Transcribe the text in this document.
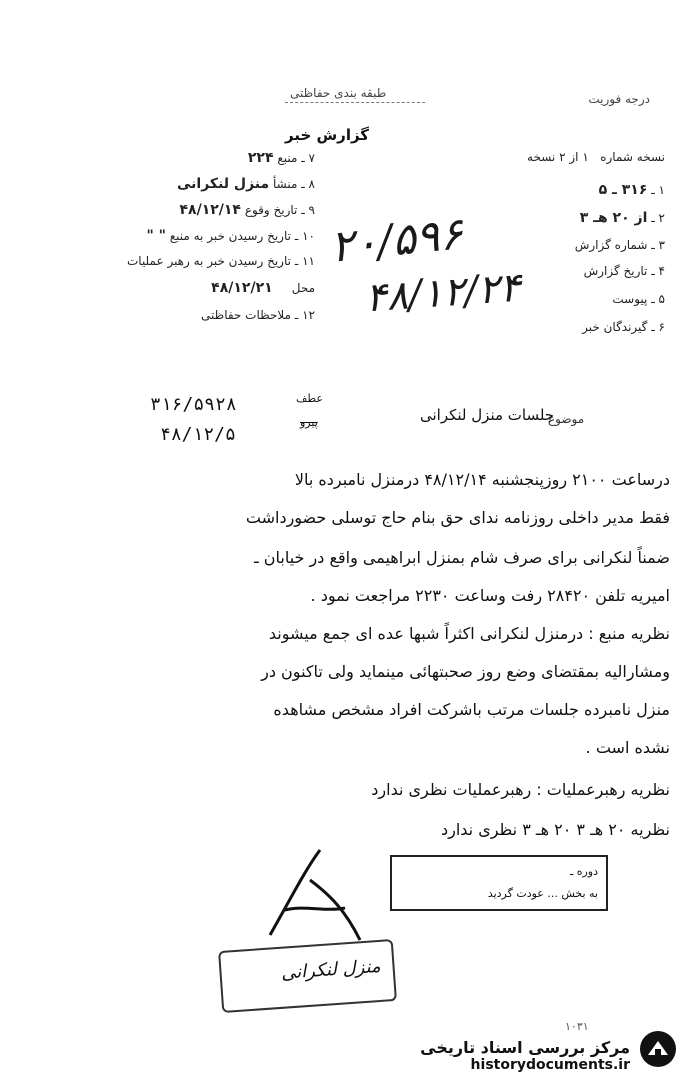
طبقه بندی حفاظتی	درجه فوریت
گزارش خبر
نسخه شماره   ۱ از ۲ نسخه
۱ ـ ۳۱۶ ـ ۵
۲ ـ از ۲۰ هـ ۳
۳ ـ شماره گزارش
۴ ـ تاریخ گزارش
۵ ـ پیوست
۶ ـ گیرندگان خبر
۷ ـ منبع ۲۲۴
۸ ـ منشأ منزل لنکرانی
۹ ـ تاریخ وقوع ۴۸/۱۲/۱۴
۱۰ ـ تاریخ رسیدن خبر به منبع " "
۱۱ ـ تاریخ رسیدن خبر به رهبر عملیات
محل     ۴۸/۱۲/۲۱
۱۲ ـ ملاحظات حفاظتی
۲۰/۵۹۶
۴۸/۱۲/۲۴
موضوع
جلسات منزل لنکرانی
عطف
۳۱۶/۵۹۲۸
پیرو
۴۸/۱۲/۵
درساعت ۲۱۰۰ روزپنجشنبه ۴۸/۱۲/۱۴ درمنزل نامبرده بالا
فقط مدیر داخلی روزنامه ندای حق بنام حاج توسلی حضورداشت
ضمناً لنکرانی برای صرف شام بمنزل ابراهیمی واقع در خیابان ـ
امیریه تلفن ۲۸۴۲۰ رفت وساعت ۲۲۳۰ مراجعت نمود .
نظریه منبع : درمنزل لنکرانی اکثراً شبها عده ای جمع میشوند
ومشارالیه بمقتضای وضع روز صحبتهائی مینماید ولی تاکنون در
منزل نامبرده جلسات مرتب باشرکت افراد مشخص مشاهده
نشده است .
نظریه رهبرعملیات : رهبرعملیات نظری ندارد
نظریه ۲۰ هـ ۳ ۲۰ هـ ۳ نظری ندارد
دوره ـ
به بخش ... عودت گردید
منزل لنکرانی
۱۰۳۱
مرکز بررسی اسناد تاریخی
historydocuments.ir
